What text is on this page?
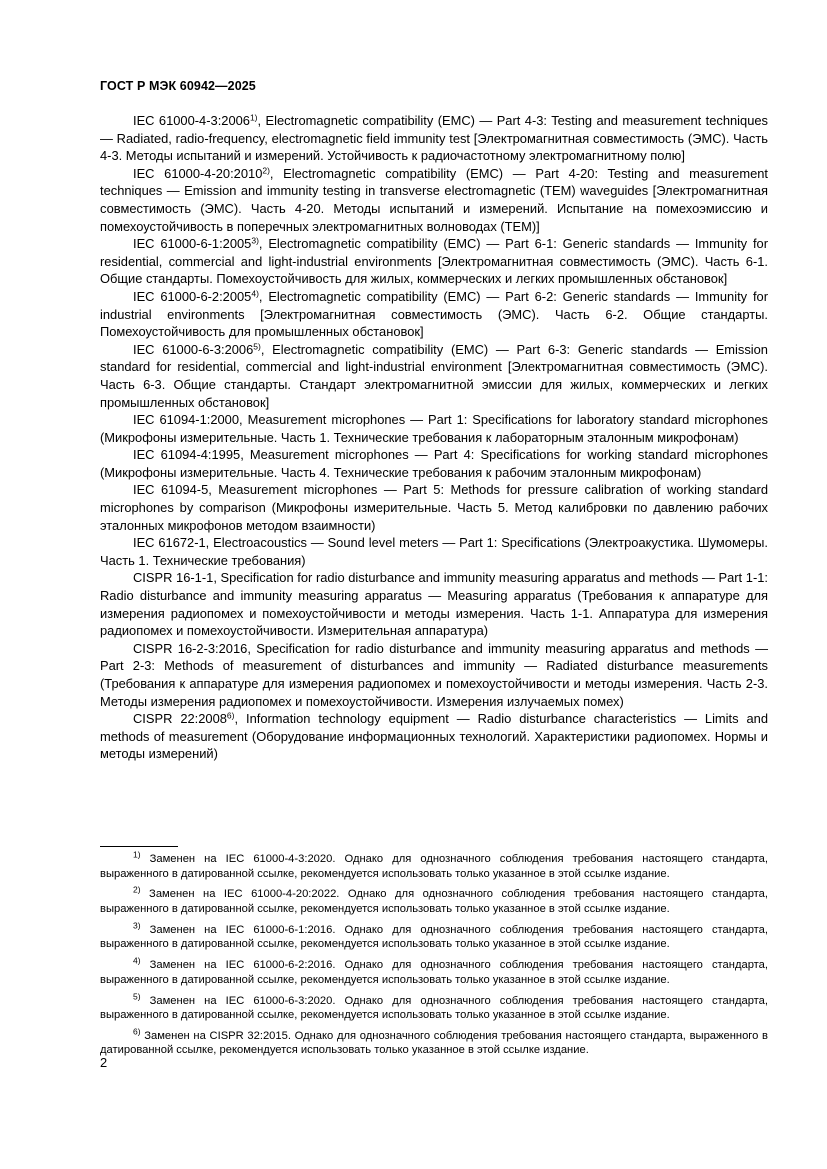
ГОСТ Р МЭК 60942—2025

IEC 61000-4-3:2006$^{1)}$, Electromagnetic compatibility (EMC) — Part 4-3: Testing and measurement techniques — Radiated, radio-frequency, electromagnetic field immunity test [Электромагнитная совместимость (ЭМС). Часть 4-3. Методы испытаний и измерений. Устойчивость к радиочастотному электромагнитному полю]

IEC 61000-4-20:2010$^{2)}$, Electromagnetic compatibility (EMC) — Part 4-20: Testing and measurement techniques — Emission and immunity testing in transverse electromagnetic (TEM) waveguides [Электромагнитная совместимость (ЭМС). Часть 4-20. Методы испытаний и измерений. Испытание на помехоэмиссию и помехоустойчивость в поперечных электромагнитных волноводах (TEM)]

IEC 61000-6-1:2005$^{3)}$, Electromagnetic compatibility (EMC) — Part 6-1: Generic standards — Immunity for residential, commercial and light-industrial environments [Электромагнитная совместимость (ЭМС). Часть 6-1. Общие стандарты. Помехоустойчивость для жилых, коммерческих и легких промышленных обстановок]

IEC 61000-6-2:2005$^{4)}$, Electromagnetic compatibility (EMC) — Part 6-2: Generic standards — Immunity for industrial environments [Электромагнитная совместимость (ЭМС). Часть 6-2. Общие стандарты. Помехоустойчивость для промышленных обстановок]

IEC 61000-6-3:2006$^{5)}$, Electromagnetic compatibility (EMC) — Part 6-3: Generic standards — Emission standard for residential, commercial and light-industrial environment [Электромагнитная совместимость (ЭМС). Часть 6-3. Общие стандарты. Стандарт электромагнитной эмиссии для жилых, коммерческих и легких промышленных обстановок]

IEC 61094-1:2000, Measurement microphones — Part 1: Specifications for laboratory standard microphones (Микрофоны измерительные. Часть 1. Технические требования к лабораторным эталонным микрофонам)

IEC 61094-4:1995, Measurement microphones — Part 4: Specifications for working standard microphones (Микрофоны измерительные. Часть 4. Технические требования к рабочим эталонным микрофонам)

IEC 61094-5, Measurement microphones — Part 5: Methods for pressure calibration of working standard microphones by comparison (Микрофоны измерительные. Часть 5. Метод калибровки по давлению рабочих эталонных микрофонов методом взаимности)

IEC 61672-1, Electroacoustics — Sound level meters — Part 1: Specifications (Электроакустика. Шумомеры. Часть 1. Технические требования)

CISPR 16-1-1, Specification for radio disturbance and immunity measuring apparatus and methods — Part 1-1: Radio disturbance and immunity measuring apparatus — Measuring apparatus (Требования к аппаратуре для измерения радиопомех и помехоустойчивости и методы измерения. Часть 1-1. Аппаратура для измерения радиопомех и помехоустойчивости. Измерительная аппаратура)

CISPR 16-2-3:2016, Specification for radio disturbance and immunity measuring apparatus and methods — Part 2-3: Methods of measurement of disturbances and immunity — Radiated disturbance measurements (Требования к аппаратуре для измерения радиопомех и помехоустойчивости и методы измерения. Часть 2-3. Методы измерения радиопомех и помехоустойчивости. Измерения излучаемых помех)

CISPR 22:2008$^{6)}$, Information technology equipment — Radio disturbance characteristics — Limits and methods of measurement (Оборудование информационных технологий. Характеристики радиопомех. Нормы и методы измерений)

$^{1)}$ Заменен на IEC 61000-4-3:2020. Однако для однозначного соблюдения требования настоящего стандарта, выраженного в датированной ссылке, рекомендуется использовать только указанное в этой ссылке издание.

$^{2)}$ Заменен на IEC 61000-4-20:2022. Однако для однозначного соблюдения требования настоящего стандарта, выраженного в датированной ссылке, рекомендуется использовать только указанное в этой ссылке издание.

$^{3)}$ Заменен на IEC 61000-6-1:2016. Однако для однозначного соблюдения требования настоящего стандарта, выраженного в датированной ссылке, рекомендуется использовать только указанное в этой ссылке издание.

$^{4)}$ Заменен на IEC 61000-6-2:2016. Однако для однозначного соблюдения требования настоящего стандарта, выраженного в датированной ссылке, рекомендуется использовать только указанное в этой ссылке издание.

$^{5)}$ Заменен на IEC 61000-6-3:2020. Однако для однозначного соблюдения требования настоящего стандарта, выраженного в датированной ссылке, рекомендуется использовать только указанное в этой ссылке издание.

$^{6)}$ Заменен на CISPR 32:2015. Однако для однозначного соблюдения требования настоящего стандарта, выраженного в датированной ссылке, рекомендуется использовать только указанное в этой ссылке издание.

2
